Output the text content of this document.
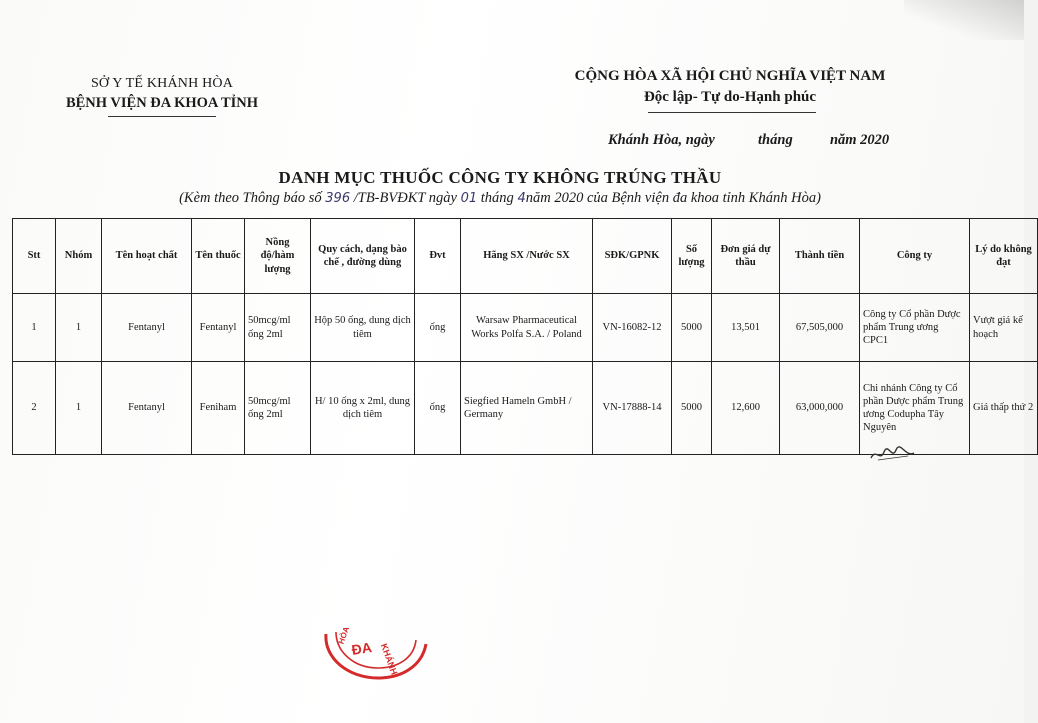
SỞ Y TẾ KHÁNH HÒA
BỆNH VIỆN ĐA KHOA TỈNH
CỘNG HÒA XÃ HỘI CHỦ NGHĨA VIỆT NAM
Độc lập- Tự do-Hạnh phúc
Khánh Hòa, ngày	tháng	năm 2020
DANH MỤC THUỐC CÔNG TY KHÔNG TRÚNG THẦU
(Kèm theo Thông báo số 396 /TB-BVĐKT ngày 01 tháng 4năm 2020 của Bệnh viện đa khoa tỉnh Khánh Hòa)
Stt	Nhóm	Tên hoạt chất	Tên thuốc	Nồng độ/hàm lượng	Quy cách, dạng bào chế , đường dùng	Đvt	Hãng SX /Nước SX	SĐK/GPNK	Số lượng	Đơn giá dự thầu	Thành tiền	Công ty	Lý do không đạt
1	1	Fentanyl	Fentanyl	50mcg/ml ống 2ml	Hộp 50 ống, dung dịch tiêm	ống	Warsaw Pharmaceutical Works Polfa S.A. / Poland	VN-16082-12	5000	13,501	67,505,000	Công ty Cổ phần Dược phẩm Trung ương CPC1	Vượt giá kế hoạch
2	1	Fentanyl	Feniham	50mcg/ml ống 2ml	H/ 10 ống x 2ml, dung dịch tiêm	ống	Siegfied Hameln GmbH / Germany	VN-17888-14	5000	12,600	63,000,000	Chi nhánh Công ty Cổ phần Dược phẩm Trung ương Codupha Tây Nguyên	Giá thấp thứ 2
ĐA KHÁNH
HÒA
